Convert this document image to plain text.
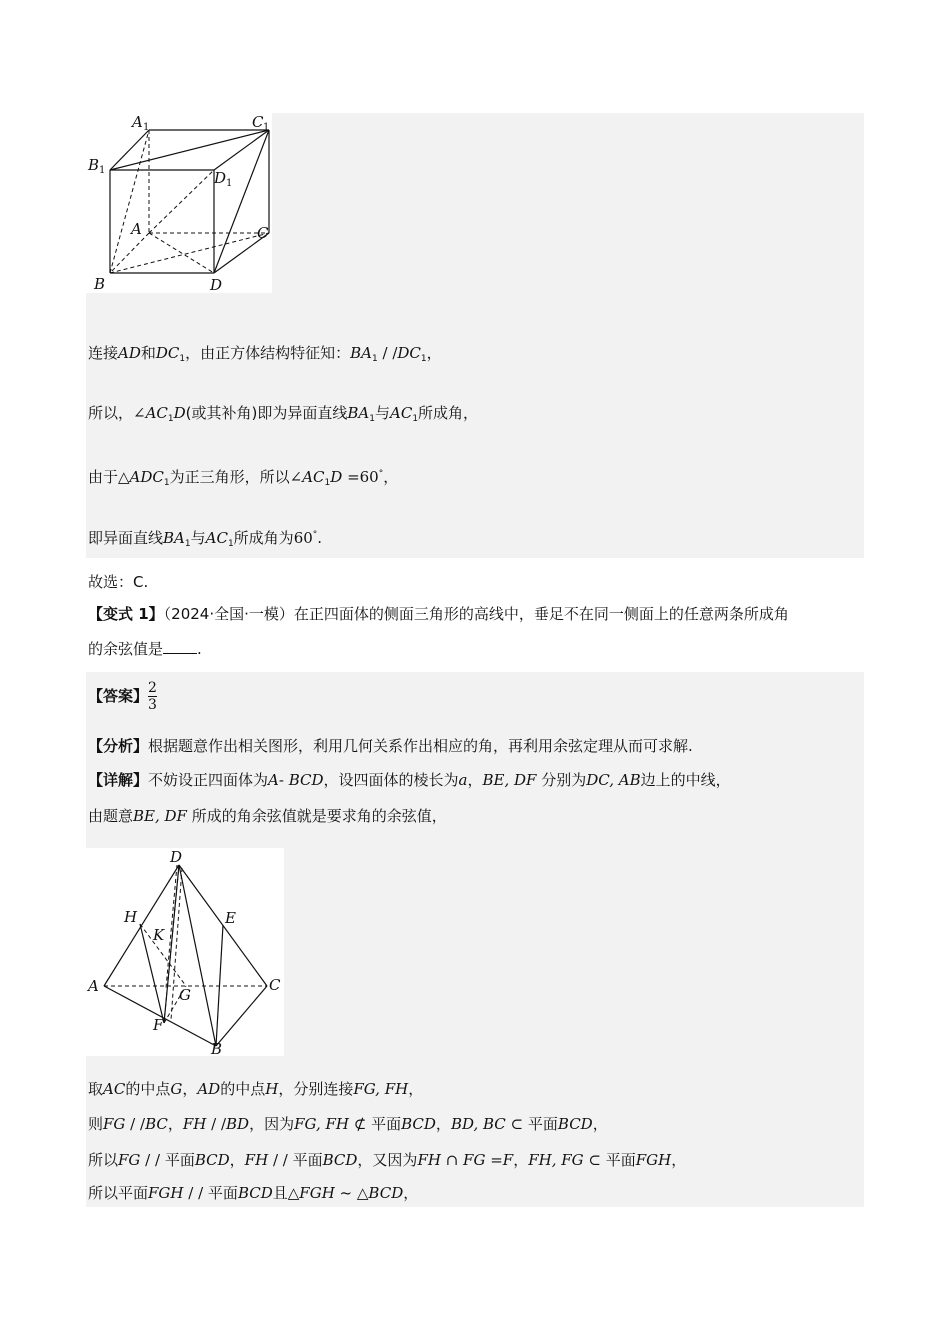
A 1	C 1
B 1	D 1
A	C
B	D
连接AD和$DC_1$，由正方体结构特征知：$BA_1 / /DC_1$，
所以，$\angle AC_1D$(或其补角)即为异面直线$BA_1$与$AC_1$所成角，
由于$\triangle ADC_1$为正三角形，所以$\angle AC_1D =60^\circ$，
即异面直线$BA_1$与$AC_1$所成角为60°.
故选：C.
【变式 1】（2024·全国·一模）在正四面体的侧面三角形的高线中，垂足不在同一侧面上的任意两条所成角
的余弦值是 .
【答案】$\frac{2}{3}$
【分析】根据题意作出相关图形，利用几何关系作出相应的角，再利用余弦定理从而可求解.
【详解】不妨设正四面体为A- BCD，设四面体的棱长为a，BE, DF 分别为DC, AB边上的中线，
由题意BE, DF 所成的角余弦值就是要求角的余弦值，
D
H	E
K
A	C
G
F
B
取AC的中点G，AD的中点H，分别连接FG, FH，
则FG / /BC，FH / /BD，因为FG, FH ⊄ 平面BCD，BD, BC ⊂ 平面BCD，
所以FG / / 平面BCD，FH / / 平面BCD，又因为FH ∩ FG =F，FH, FG ⊂ 平面FGH，
所以平面FGH / / 平面BCD且△FGH ~ △BCD，
